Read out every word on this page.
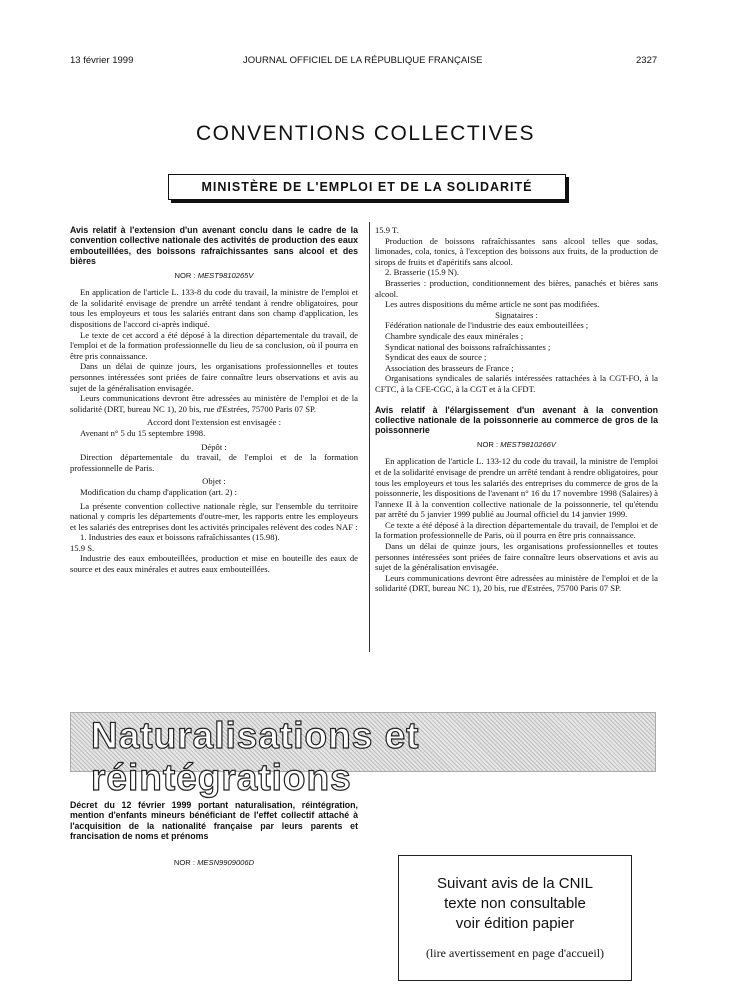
13 février 1999	JOURNAL OFFICIEL DE LA RÉPUBLIQUE FRANÇAISE	2327
CONVENTIONS COLLECTIVES
MINISTÈRE DE L'EMPLOI ET DE LA SOLIDARITÉ
Avis relatif à l'extension d'un avenant conclu dans le cadre de la convention collective nationale des activités de production des eaux embouteillées, des boissons rafraîchissantes sans alcool et des bières
NOR : MEST9810265V

En application de l'article L. 133-8 du code du travail, la ministre de l'emploi et de la solidarité envisage de prendre un arrêté tendant à rendre obligatoires, pour tous les employeurs et tous les salariés entrant dans son champ d'application, les dispositions de l'accord ci-après indiqué.

Le texte de cet accord a été déposé à la direction départementale du travail, de l'emploi et de la formation professionnelle du lieu de sa conclusion, où il pourra en être pris connaissance.

Dans un délai de quinze jours, les organisations professionnelles et toutes personnes intéressées sont priées de faire connaître leurs observations et avis au sujet de la généralisation envisagée.

Leurs communications devront être adressées au ministère de l'emploi et de la solidarité (DRT, bureau NC 1), 20 bis, rue d'Estrées, 75700 Paris 07 SP.

Accord dont l'extension est envisagée :

Avenant n° 5 du 15 septembre 1998.

Dépôt :

Direction départementale du travail, de l'emploi et de la formation professionnelle de Paris.

Objet :

Modification du champ d'application (art. 2) :

La présente convention collective nationale règle, sur l'ensemble du territoire national y compris les départements d'outre-mer, les rapports entre les employeurs et les salariés des entreprises dont les activités principales relèvent des codes NAF :

1. Industries des eaux et boissons rafraîchissantes (15.98).

15.9 S.

Industrie des eaux embouteillées, production et mise en bouteille des eaux de source et des eaux minérales et autres eaux embouteillées.

15.9 T.

Production de boissons rafraîchissantes sans alcool telles que sodas, limonades, cola, tonics, à l'exception des boissons aux fruits, de la production de sirops de fruits et d'apéritifs sans alcool.

2. Brasserie (15.9 N).

Brasseries : production, conditionnement des bières, panachés et bières sans alcool.

Les autres dispositions du même article ne sont pas modifiées.

Signataires :

Fédération nationale de l'industrie des eaux embouteillées ;

Chambre syndicale des eaux minérales ;

Syndicat national des boissons rafraîchissantes ;

Syndicat des eaux de source ;

Association des brasseurs de France ;

Organisations syndicales de salariés intéressées rattachées à la CGT-FO, à la CFTC, à la CFE-CGC, à la CGT et à la CFDT.

Avis relatif à l'élargissement d'un avenant à la convention collective nationale de la poissonnerie au commerce de gros de la poissonnerie
NOR : MEST9810266V

En application de l'article L. 133-12 du code du travail, la ministre de l'emploi et de la solidarité envisage de prendre un arrêté tendant à rendre obligatoires, pour tous les employeurs et tous les salariés des entreprises du commerce de gros de la poissonnerie, les dispositions de l'avenant n° 16 du 17 novembre 1998 (Salaires) à l'annexe II à la convention collective nationale de la poissonnerie, tel qu'étendu par arrêté du 5 janvier 1999 publié au Journal officiel du 14 janvier 1999.

Ce texte a été déposé à la direction départementale du travail, de l'emploi et de la formation professionnelle de Paris, où il pourra en être pris connaissance.

Dans un délai de quinze jours, les organisations professionnelles et toutes personnes intéressées sont priées de faire connaître leurs observations et avis au sujet de la généralisation envisagée.

Leurs communications devront être adressées au ministère de l'emploi et de la solidarité (DRT, bureau NC 1), 20 bis, rue d'Estrées, 75700 Paris 07 SP.

Naturalisations et réintégrations
Décret du 12 février 1999 portant naturalisation, réintégration, mention d'enfants mineurs bénéficiant de l'effet collectif attaché à l'acquisition de la nationalité française par leurs parents et francisation de noms et prénoms
NOR : MESN9909006D
Suivant avis de la CNIL
texte non consultable
voir édition papier
(lire avertissement en page d'accueil)
